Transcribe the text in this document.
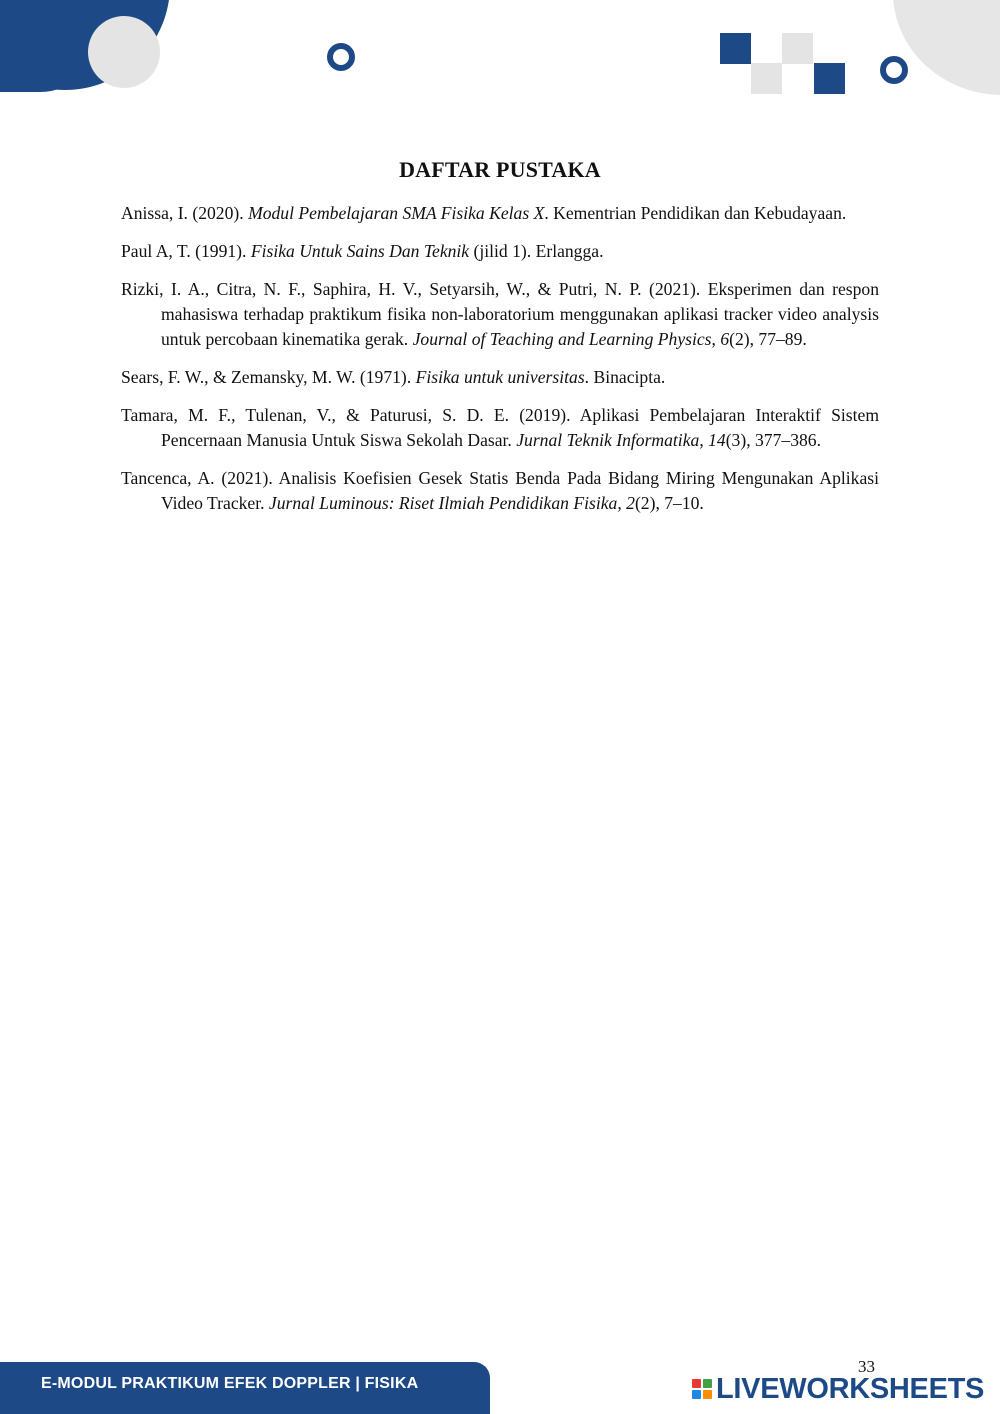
DAFTAR PUSTAKA

Anissa, I. (2020). Modul Pembelajaran SMA Fisika Kelas X. Kementrian Pendidikan dan Kebudayaan.

Paul A, T. (1991). Fisika Untuk Sains Dan Teknik (jilid 1). Erlangga.

Rizki, I. A., Citra, N. F., Saphira, H. V., Setyarsih, W., & Putri, N. P. (2021). Eksperimen dan respon mahasiswa terhadap praktikum fisika non-laboratorium menggunakan aplikasi tracker video analysis untuk percobaan kinematika gerak. Journal of Teaching and Learning Physics, 6(2), 77–89.

Sears, F. W., & Zemansky, M. W. (1971). Fisika untuk universitas. Binacipta.

Tamara, M. F., Tulenan, V., & Paturusi, S. D. E. (2019). Aplikasi Pembelajaran Interaktif Sistem Pencernaan Manusia Untuk Siswa Sekolah Dasar. Jurnal Teknik Informatika, 14(3), 377–386.

Tancenca, A. (2021). Analisis Koefisien Gesek Statis Benda Pada Bidang Miring Mengunakan Aplikasi Video Tracker. Jurnal Luminous: Riset Ilmiah Pendidikan Fisika, 2(2), 7–10.

33
E-MODUL PRAKTIKUM EFEK DOPPLER | FISIKA	LIVEWORKSHEETS
